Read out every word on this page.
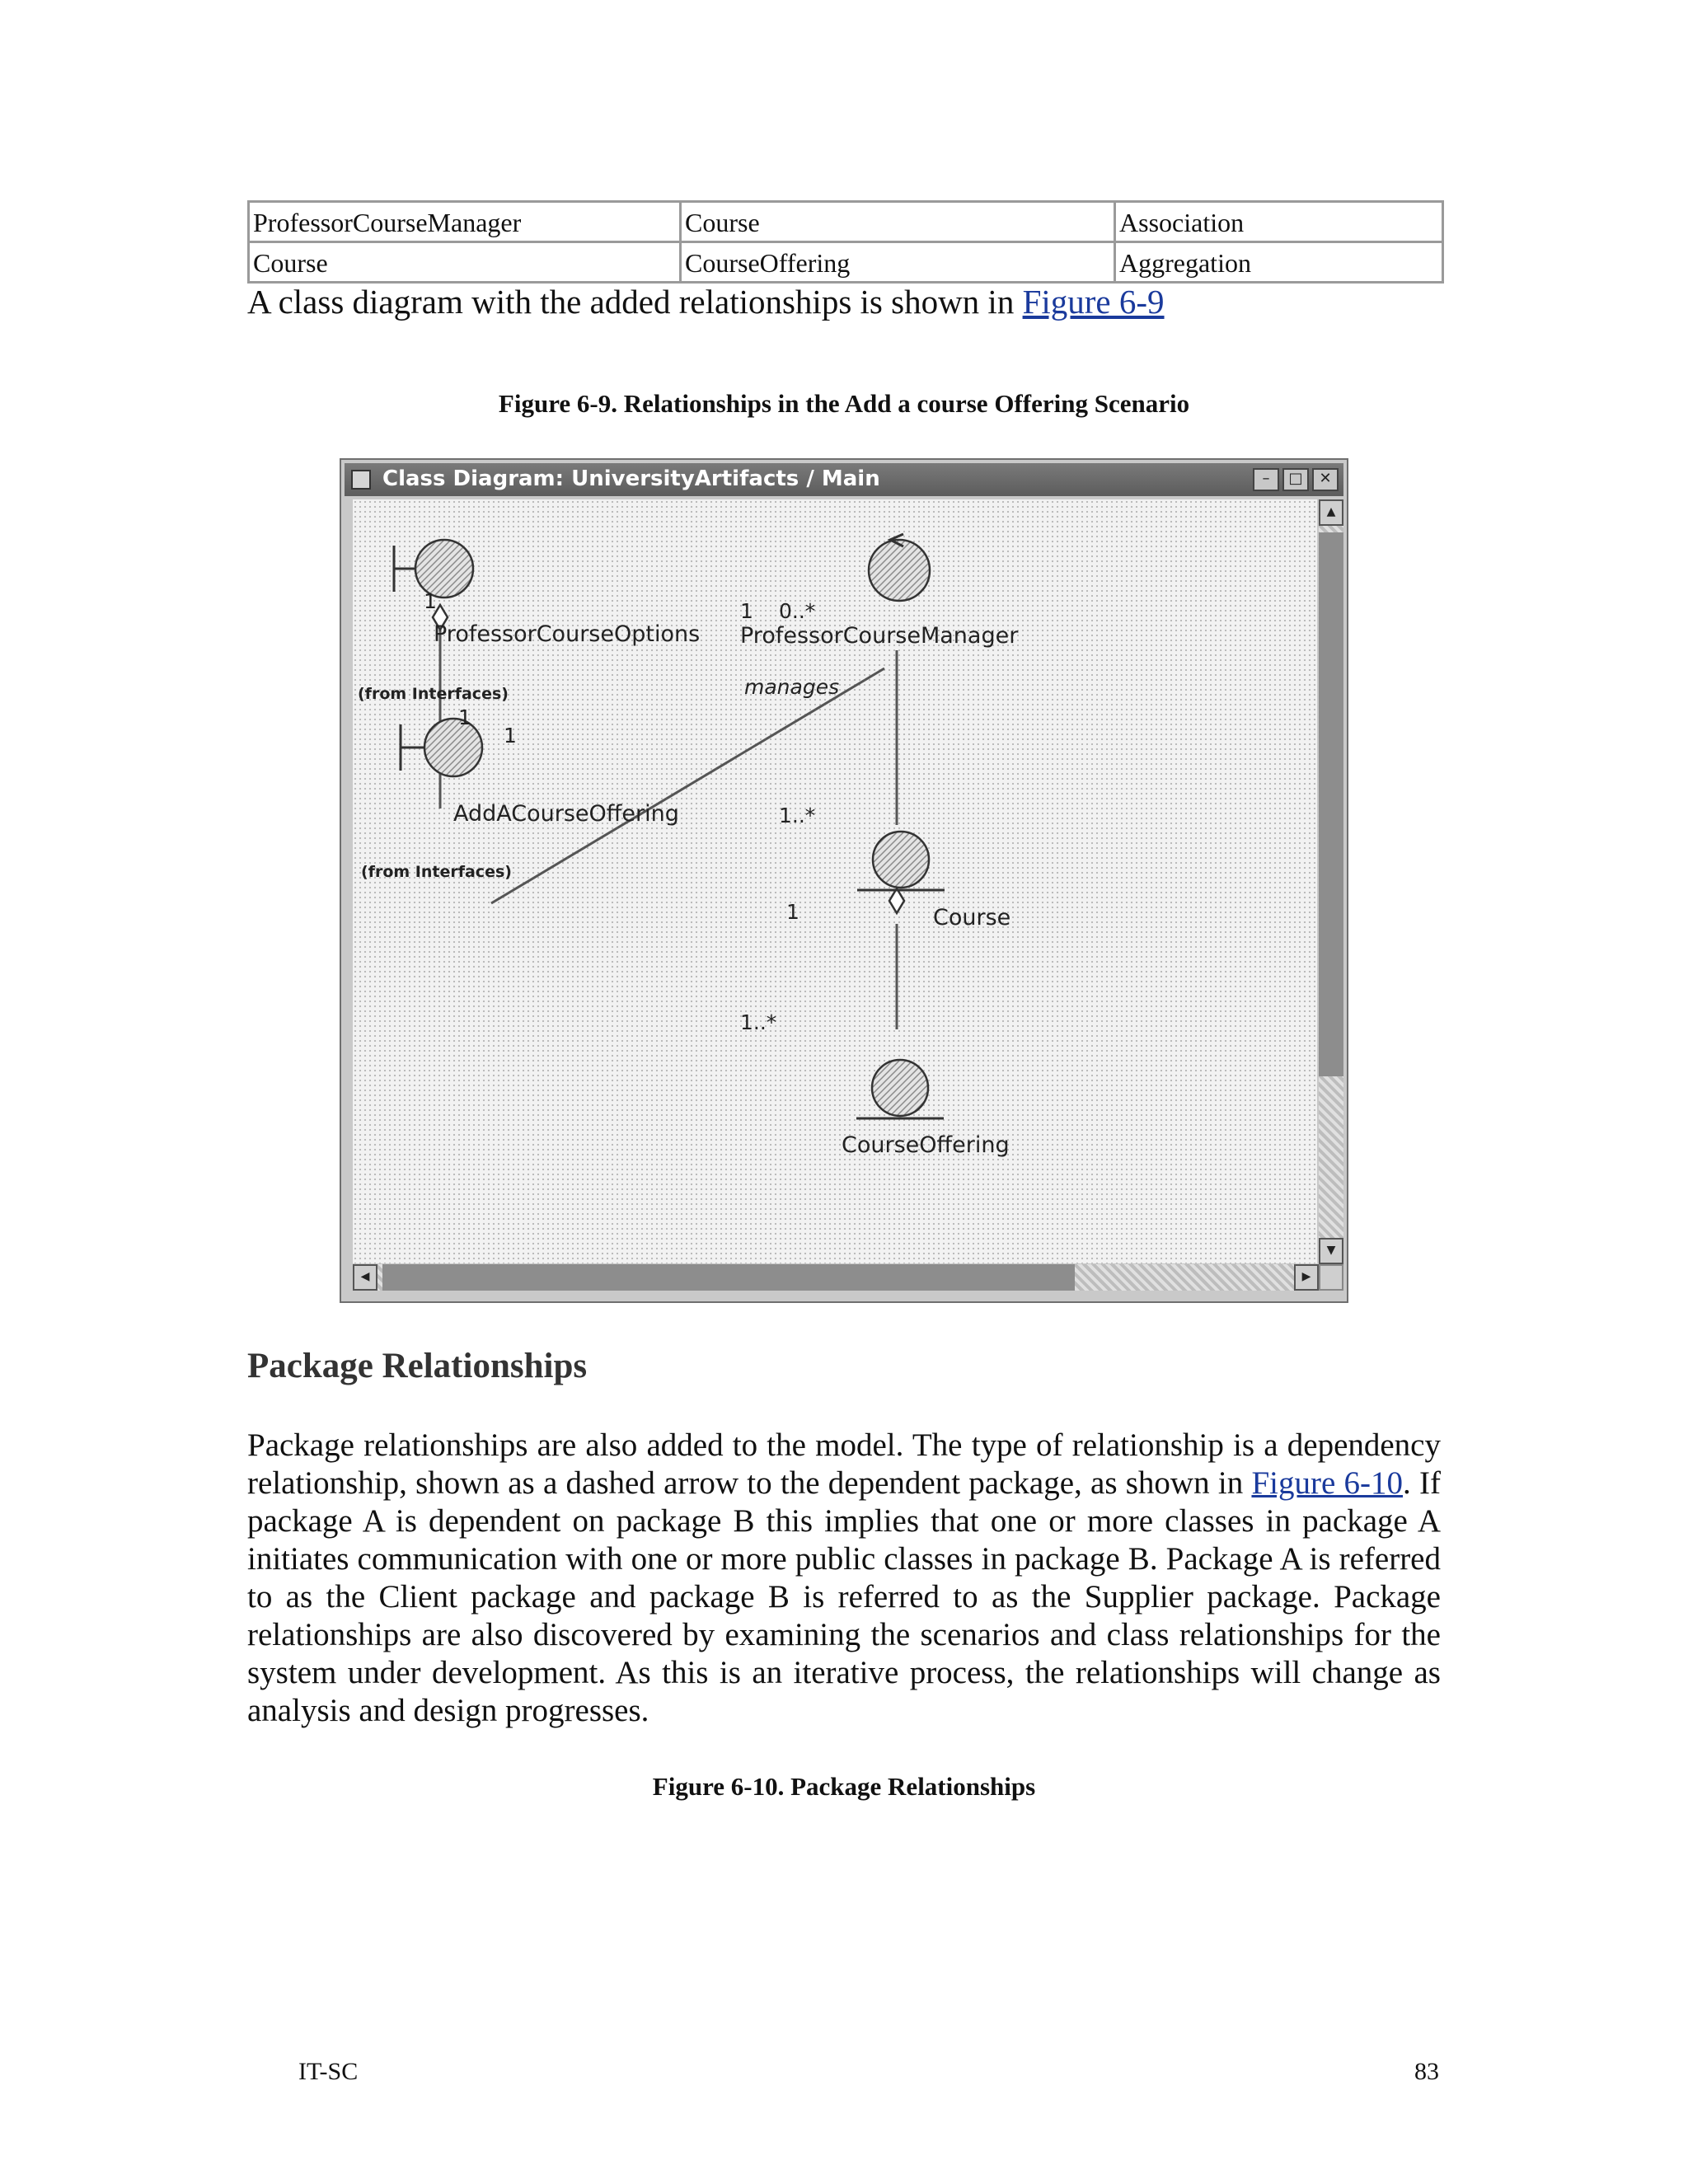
ProfessorCourseManager	Course	Association
Course	CourseOffering	Aggregation

A class diagram with the added relationships is shown in Figure 6-9

Figure 6-9. Relationships in the Add a course Offering Scenario

Class Diagram: UniversityArtifacts / Main	–	□	✕
ProfessorCourseOptions
(from Interfaces)
1
AddACourseOffering
(from Interfaces)
1
1
ProfessorCourseManager
1 0..*
manages
1..*
1	Course
1..*
CourseOffering
▲
▼
◀	▶
Package Relationships

Package relationships are also added to the model. The type of relationship is a dependency relationship, shown as a dashed arrow to the dependent package, as shown in Figure 6-10. If package A is dependent on package B this implies that one or more classes in package A initiates communication with one or more public classes in package B. Package A is referred to as the Client package and package B is referred to as the Supplier package. Package relationships are also discovered by examining the scenarios and class relationships for the system under development. As this is an iterative process, the relationships will change as analysis and design progresses.

Figure 6-10. Package Relationships

IT-SC	83
